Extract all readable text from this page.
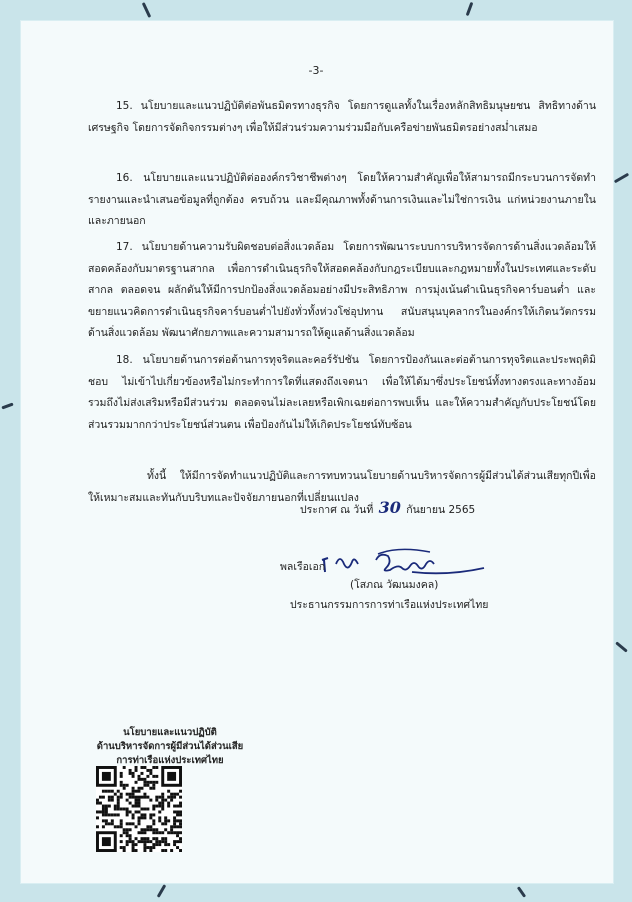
-3-

15. นโยบายและแนวปฏิบัติต่อพันธมิตรทางธุรกิจ โดยการดูแลทั้งในเรื่องหลักสิทธิมนุษยชน สิทธิทางด้านเศรษฐกิจ โดยการจัดกิจกรรมต่างๆ เพื่อให้มีส่วนร่วมความร่วมมือกับเครือข่ายพันธมิตรอย่างสม่ำเสมอ

16. นโยบายและแนวปฏิบัติต่อองค์กรวิชาชีพต่างๆ โดยให้ความสำคัญเพื่อให้สามารถมีกระบวนการจัดทำรายงานและนำเสนอข้อมูลที่ถูกต้อง ครบถ้วน และมีคุณภาพทั้งด้านการเงินและไม่ใช่การเงิน แก่หน่วยงานภายในและภายนอก

17. นโยบายด้านความรับผิดชอบต่อสิ่งแวดล้อม โดยการพัฒนาระบบการบริหารจัดการด้านสิ่งแวดล้อมให้สอดคล้องกับมาตรฐานสากล เพื่อการดำเนินธุรกิจให้สอดคล้องกับกฎระเบียบและกฎหมายทั้งในประเทศและระดับสากล ตลอดจน ผลักดันให้มีการปกป้องสิ่งแวดล้อมอย่างมีประสิทธิภาพ การมุ่งเน้นดำเนินธุรกิจคาร์บอนต่ำ และขยายแนวคิดการดำเนินธุรกิจคาร์บอนต่ำไปยังทั่วทั้งห่วงโซ่อุปทาน สนับสนุนบุคลากรในองค์กรให้เกิดนวัตกรรมด้านสิ่งแวดล้อม พัฒนาศักยภาพและความสามารถให้ดูแลด้านสิ่งแวดล้อม

18. นโยบายด้านการต่อต้านการทุจริตและคอร์รัปชัน โดยการป้องกันและต่อต้านการทุจริตและประพฤติมิชอบ ไม่เข้าไปเกี่ยวข้องหรือไม่กระทำการใดที่แสดงถึงเจตนา เพื่อให้ได้มาซึ่งประโยชน์ทั้งทางตรงและทางอ้อม รวมถึงไม่ส่งเสริมหรือมีส่วนร่วม ตลอดจนไม่ละเลยหรือเพิกเฉยต่อการพบเห็น และให้ความสำคัญกับประโยชน์โดยส่วนรวมมากกว่าประโยชน์ส่วนตน เพื่อป้องกันไม่ให้เกิดประโยชน์ทับซ้อน

ทั้งนี้ ให้มีการจัดทำแนวปฏิบัติและการทบทวนนโยบายด้านบริหารจัดการผู้มีส่วนได้ส่วนเสียทุกปีเพื่อให้เหมาะสมและทันกับบริบทและปัจจัยภายนอกที่เปลี่ยนแปลง

ประกาศ ณ วันที่ 30 กันยายน 2565
พลเรือเอก
(โสภณ วัฒนมงคล)
ประธานกรรมการการท่าเรือแห่งประเทศไทย
นโยบายและแนวปฏิบัติ
ด้านบริหารจัดการผู้มีส่วนได้ส่วนเสีย
การท่าเรือแห่งประเทศไทย
